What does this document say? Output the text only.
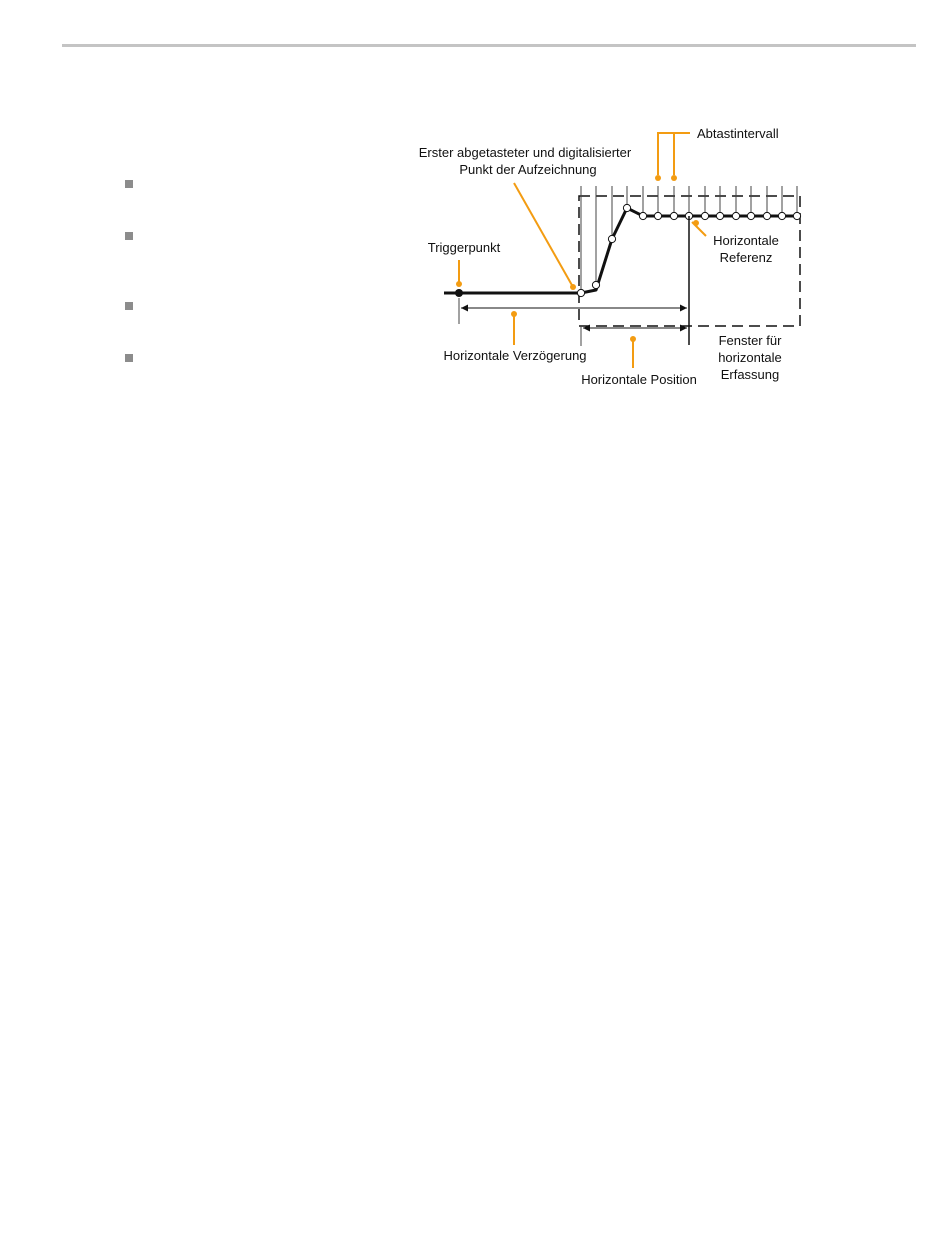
Erster abgetasteter und digitalisierter
Punkt der Aufzeichnung
Abtastintervall
Triggerpunkt	Horizontale
Referenz
Horizontale Verzögerung
Horizontale Position
Fenster für
horizontale
Erfassung
